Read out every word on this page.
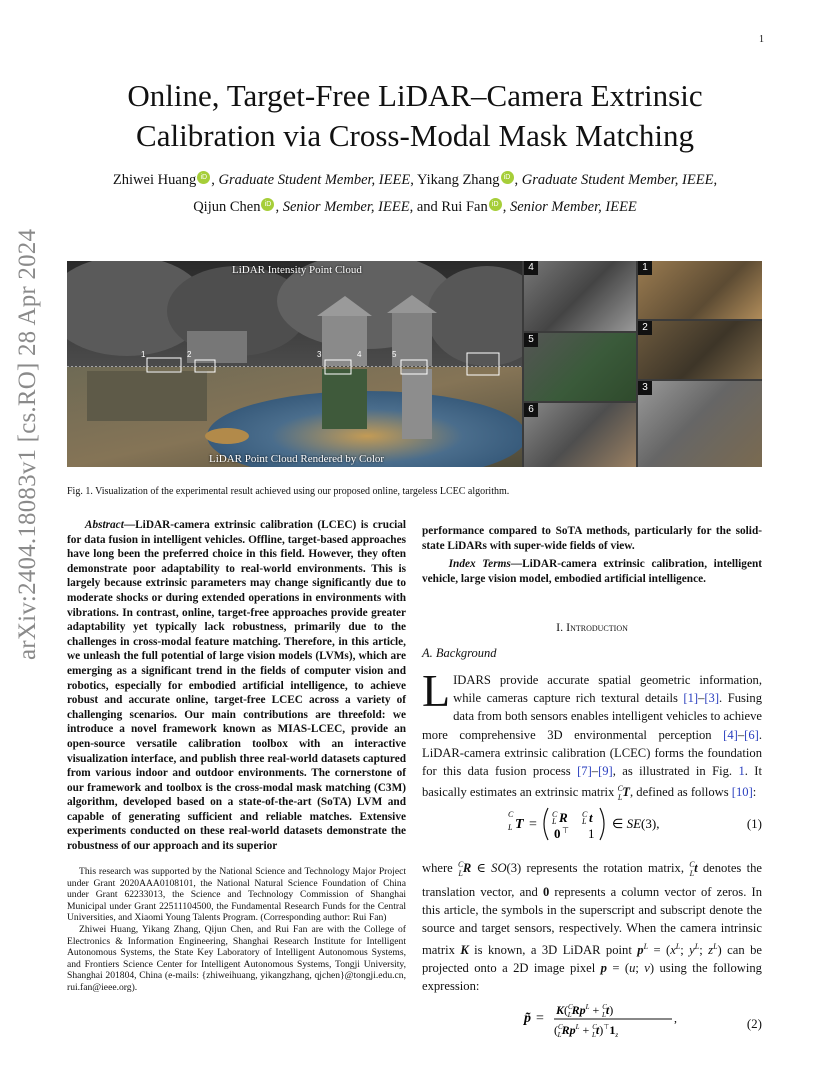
1
arXiv:2404.18083v1 [cs.RO] 28 Apr 2024
Online, Target-Free LiDAR–Camera Extrinsic Calibration via Cross-Modal Mask Matching
Zhiwei Huang iD , Graduate Student Member, IEEE, Yikang Zhang iD , Graduate Student Member, IEEE,
Qijun Chen iD , Senior Member, IEEE, and Rui Fan iD , Senior Member, IEEE
1	2	3	4	5
LiDAR Intensity Point Cloud
LiDAR Point Cloud Rendered by Color
4	1
5
2
6
3
Fig. 1. Visualization of the experimental result achieved using our proposed online, targeless LCEC algorithm.
Abstract—LiDAR-camera extrinsic calibration (LCEC) is crucial for data fusion in intelligent vehicles. Offline, target-based approaches have long been the preferred choice in this field. However, they often demonstrate poor adaptability to real-world environments. This is largely because extrinsic parameters may change significantly due to moderate shocks or during extended operations in environments with vibrations. In contrast, online, target-free approaches provide greater adaptability yet typically lack robustness, primarily due to the challenges in cross-modal feature matching. Therefore, in this article, we unleash the full potential of large vision models (LVMs), which are emerging as a significant trend in the fields of computer vision and robotics, especially for embodied artificial intelligence, to achieve robust and accurate online, target-free LCEC across a variety of challenging scenarios. Our main contributions are threefold: we introduce a novel framework known as MIAS-LCEC, provide an open-source versatile calibration toolbox with an interactive visualization interface, and publish three real-world datasets captured from various indoor and outdoor environments. The cornerstone of our framework and toolbox is the cross-modal mask matching (C3M) algorithm, developed based on a state-of-the-art (SoTA) LVM and capable of generating sufficient and reliable matches. Extensive experiments conducted on these real-world datasets demonstrate the robustness of our approach and its superior
performance compared to SoTA methods, particularly for the solid-state LiDARs with super-wide fields of view.
Index Terms—LiDAR-camera extrinsic calibration, intelligent vehicle, large vision model, embodied artificial intelligence.

This research was supported by the National Science and Technology Major Project under Grant 2020AAA0108101, the National Natural Science Foundation of China under Grant 62233013, the Science and Technology Commission of Shanghai Municipal under Grant 22511104500, the Fundamental Research Funds for the Central Universities, and Xiaomi Young Talents Program. (Corresponding author: Rui Fan)

Zhiwei Huang, Yikang Zhang, Qijun Chen, and Rui Fan are with the College of Electronics & Information Engineering, Shanghai Research Institute for Intelligent Autonomous Systems, the State Key Laboratory of Intelligent Autonomous Systems, and Frontiers Science Center for Intelligent Autonomous Systems, Tongji University, Shanghai 201804, China (e-mails: {zhiweihuang, yikangzhang, qjchen}@tongji.edu.cn, rui.fan@ieee.org).

I. Introduction
A. Background
LIDARS provide accurate spatial geometric information, while cameras capture rich textural details [1]–[3]. Fusing data from both sensors enables intelligent vehicles to achieve more comprehensive 3D environmental perception [4]–[6]. LiDAR-camera extrinsic calibration (LCEC) forms the foundation for this data fusion process [7]–[9], as illustrated in Fig. 1. It basically estimates an extrinsic matrix $^C_L$T, defined as follows [10]:
C
L T =
C
L R C
L t
0 ⊤ 1
∈ SE(3),	(1)
where $^C_L$R ∈ SO(3) represents the rotation matrix, $^C_L$t denotes the translation vector, and 0 represents a column vector of zeros. In this article, the symbols in the superscript and subscript denote the source and target sensors, respectively. When the camera intrinsic matrix K is known, a 3D LiDAR point $p^L = (x^L$; $y^L$; $z^L$) can be projected onto a 2D image pixel p = (u; v) using the following expression:
p̃ =
K($^C$ LRp$^L$ + $^C$ Lt)
($^C$ LRp$^L$ + $^C$ $Lt)^⊤1_z$
,	(2)
